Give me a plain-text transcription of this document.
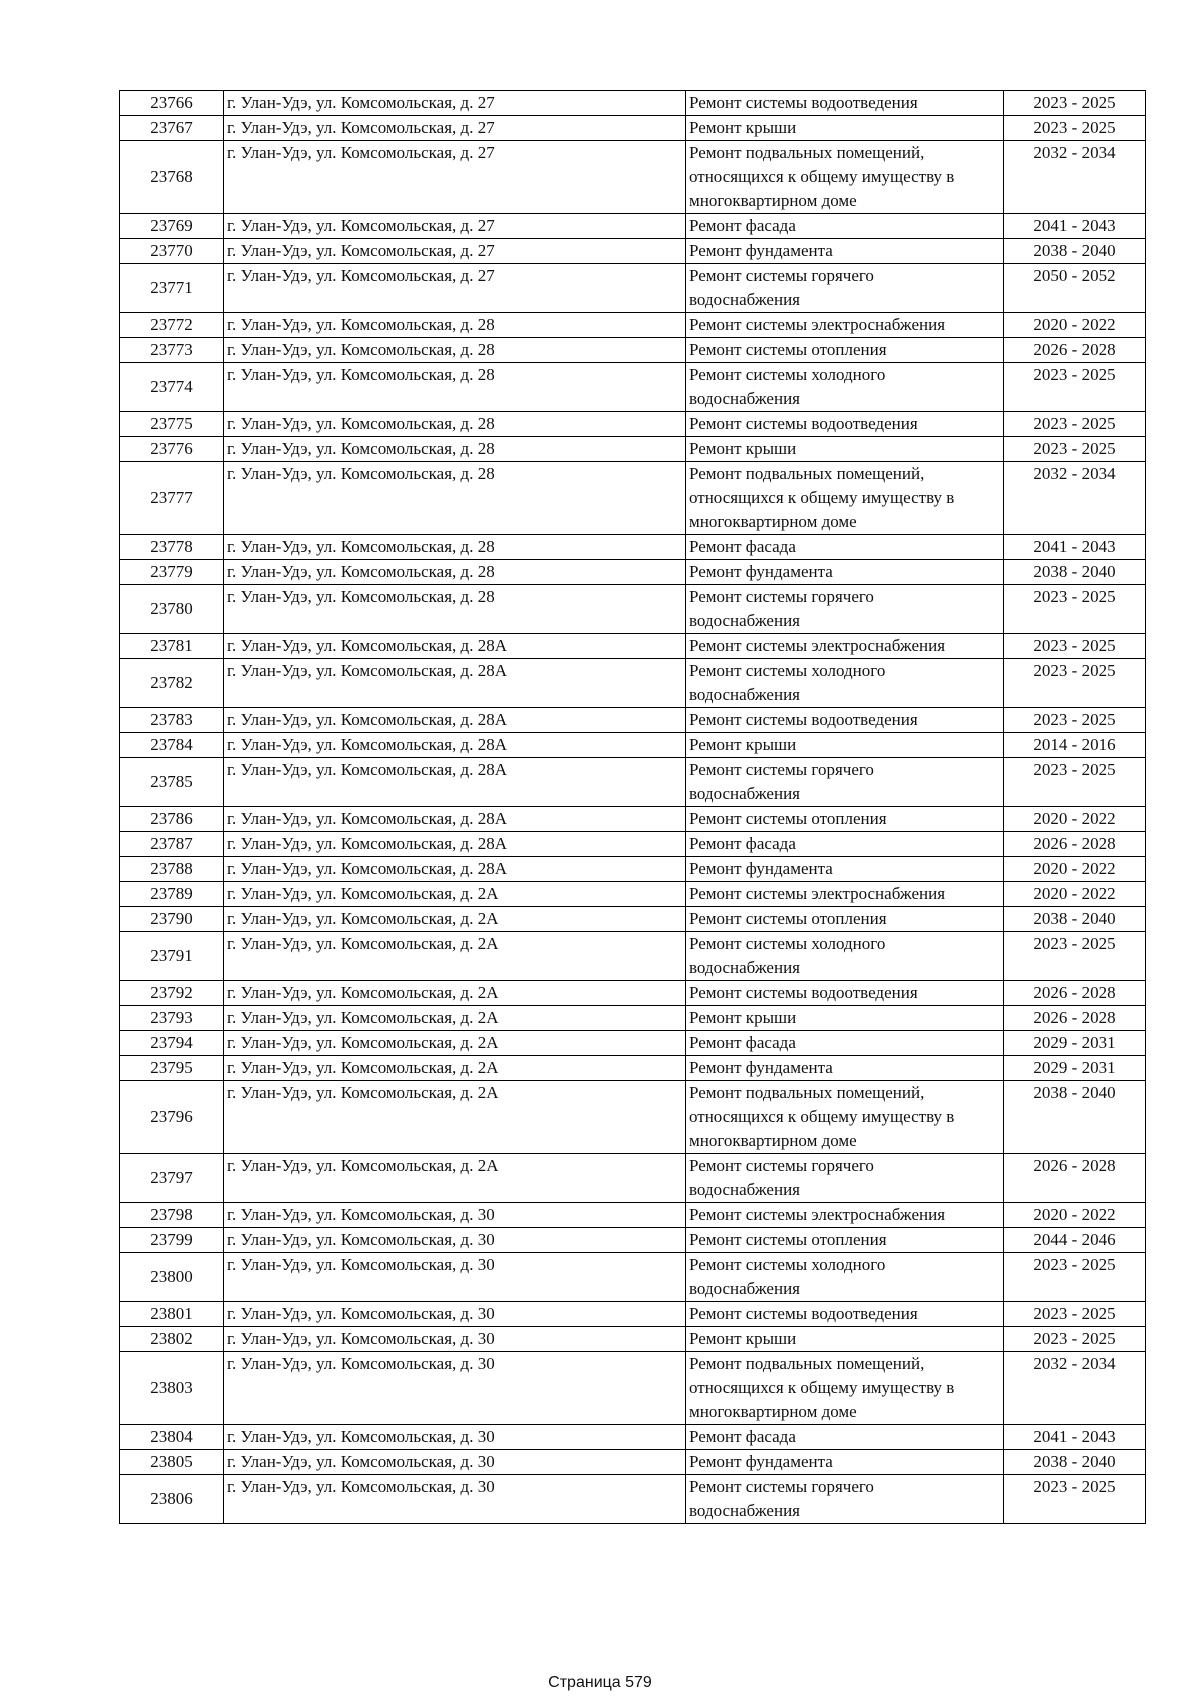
23766	г. Улан-Удэ, ул. Комсомольская, д. 27	Ремонт системы водоотведения	2023 - 2025
23767	г. Улан-Удэ, ул. Комсомольская, д. 27	Ремонт крыши	2023 - 2025
23768	г. Улан-Удэ, ул. Комсомольская, д. 27	Ремонт подвальных помещений,
относящихся к общему имуществу в
многоквартирном доме	2032 - 2034
23769	г. Улан-Удэ, ул. Комсомольская, д. 27	Ремонт фасада	2041 - 2043
23770	г. Улан-Удэ, ул. Комсомольская, д. 27	Ремонт фундамента	2038 - 2040
23771	г. Улан-Удэ, ул. Комсомольская, д. 27	Ремонт системы горячего
водоснабжения	2050 - 2052
23772	г. Улан-Удэ, ул. Комсомольская, д. 28	Ремонт системы электроснабжения	2020 - 2022
23773	г. Улан-Удэ, ул. Комсомольская, д. 28	Ремонт системы отопления	2026 - 2028
23774	г. Улан-Удэ, ул. Комсомольская, д. 28	Ремонт системы холодного
водоснабжения	2023 - 2025
23775	г. Улан-Удэ, ул. Комсомольская, д. 28	Ремонт системы водоотведения	2023 - 2025
23776	г. Улан-Удэ, ул. Комсомольская, д. 28	Ремонт крыши	2023 - 2025
23777	г. Улан-Удэ, ул. Комсомольская, д. 28	Ремонт подвальных помещений,
относящихся к общему имуществу в
многоквартирном доме	2032 - 2034
23778	г. Улан-Удэ, ул. Комсомольская, д. 28	Ремонт фасада	2041 - 2043
23779	г. Улан-Удэ, ул. Комсомольская, д. 28	Ремонт фундамента	2038 - 2040
23780	г. Улан-Удэ, ул. Комсомольская, д. 28	Ремонт системы горячего
водоснабжения	2023 - 2025
23781	г. Улан-Удэ, ул. Комсомольская, д. 28А	Ремонт системы электроснабжения	2023 - 2025
23782	г. Улан-Удэ, ул. Комсомольская, д. 28А	Ремонт системы холодного
водоснабжения	2023 - 2025
23783	г. Улан-Удэ, ул. Комсомольская, д. 28А	Ремонт системы водоотведения	2023 - 2025
23784	г. Улан-Удэ, ул. Комсомольская, д. 28А	Ремонт крыши	2014 - 2016
23785	г. Улан-Удэ, ул. Комсомольская, д. 28А	Ремонт системы горячего
водоснабжения	2023 - 2025
23786	г. Улан-Удэ, ул. Комсомольская, д. 28А	Ремонт системы отопления	2020 - 2022
23787	г. Улан-Удэ, ул. Комсомольская, д. 28А	Ремонт фасада	2026 - 2028
23788	г. Улан-Удэ, ул. Комсомольская, д. 28А	Ремонт фундамента	2020 - 2022
23789	г. Улан-Удэ, ул. Комсомольская, д. 2А	Ремонт системы электроснабжения	2020 - 2022
23790	г. Улан-Удэ, ул. Комсомольская, д. 2А	Ремонт системы отопления	2038 - 2040
23791	г. Улан-Удэ, ул. Комсомольская, д. 2А	Ремонт системы холодного
водоснабжения	2023 - 2025
23792	г. Улан-Удэ, ул. Комсомольская, д. 2А	Ремонт системы водоотведения	2026 - 2028
23793	г. Улан-Удэ, ул. Комсомольская, д. 2А	Ремонт крыши	2026 - 2028
23794	г. Улан-Удэ, ул. Комсомольская, д. 2А	Ремонт фасада	2029 - 2031
23795	г. Улан-Удэ, ул. Комсомольская, д. 2А	Ремонт фундамента	2029 - 2031
23796	г. Улан-Удэ, ул. Комсомольская, д. 2А	Ремонт подвальных помещений,
относящихся к общему имуществу в
многоквартирном доме	2038 - 2040
23797	г. Улан-Удэ, ул. Комсомольская, д. 2А	Ремонт системы горячего
водоснабжения	2026 - 2028
23798	г. Улан-Удэ, ул. Комсомольская, д. 30	Ремонт системы электроснабжения	2020 - 2022
23799	г. Улан-Удэ, ул. Комсомольская, д. 30	Ремонт системы отопления	2044 - 2046
23800	г. Улан-Удэ, ул. Комсомольская, д. 30	Ремонт системы холодного
водоснабжения	2023 - 2025
23801	г. Улан-Удэ, ул. Комсомольская, д. 30	Ремонт системы водоотведения	2023 - 2025
23802	г. Улан-Удэ, ул. Комсомольская, д. 30	Ремонт крыши	2023 - 2025
23803	г. Улан-Удэ, ул. Комсомольская, д. 30	Ремонт подвальных помещений,
относящихся к общему имуществу в
многоквартирном доме	2032 - 2034
23804	г. Улан-Удэ, ул. Комсомольская, д. 30	Ремонт фасада	2041 - 2043
23805	г. Улан-Удэ, ул. Комсомольская, д. 30	Ремонт фундамента	2038 - 2040
23806	г. Улан-Удэ, ул. Комсомольская, д. 30	Ремонт системы горячего
водоснабжения	2023 - 2025
Страница 579
